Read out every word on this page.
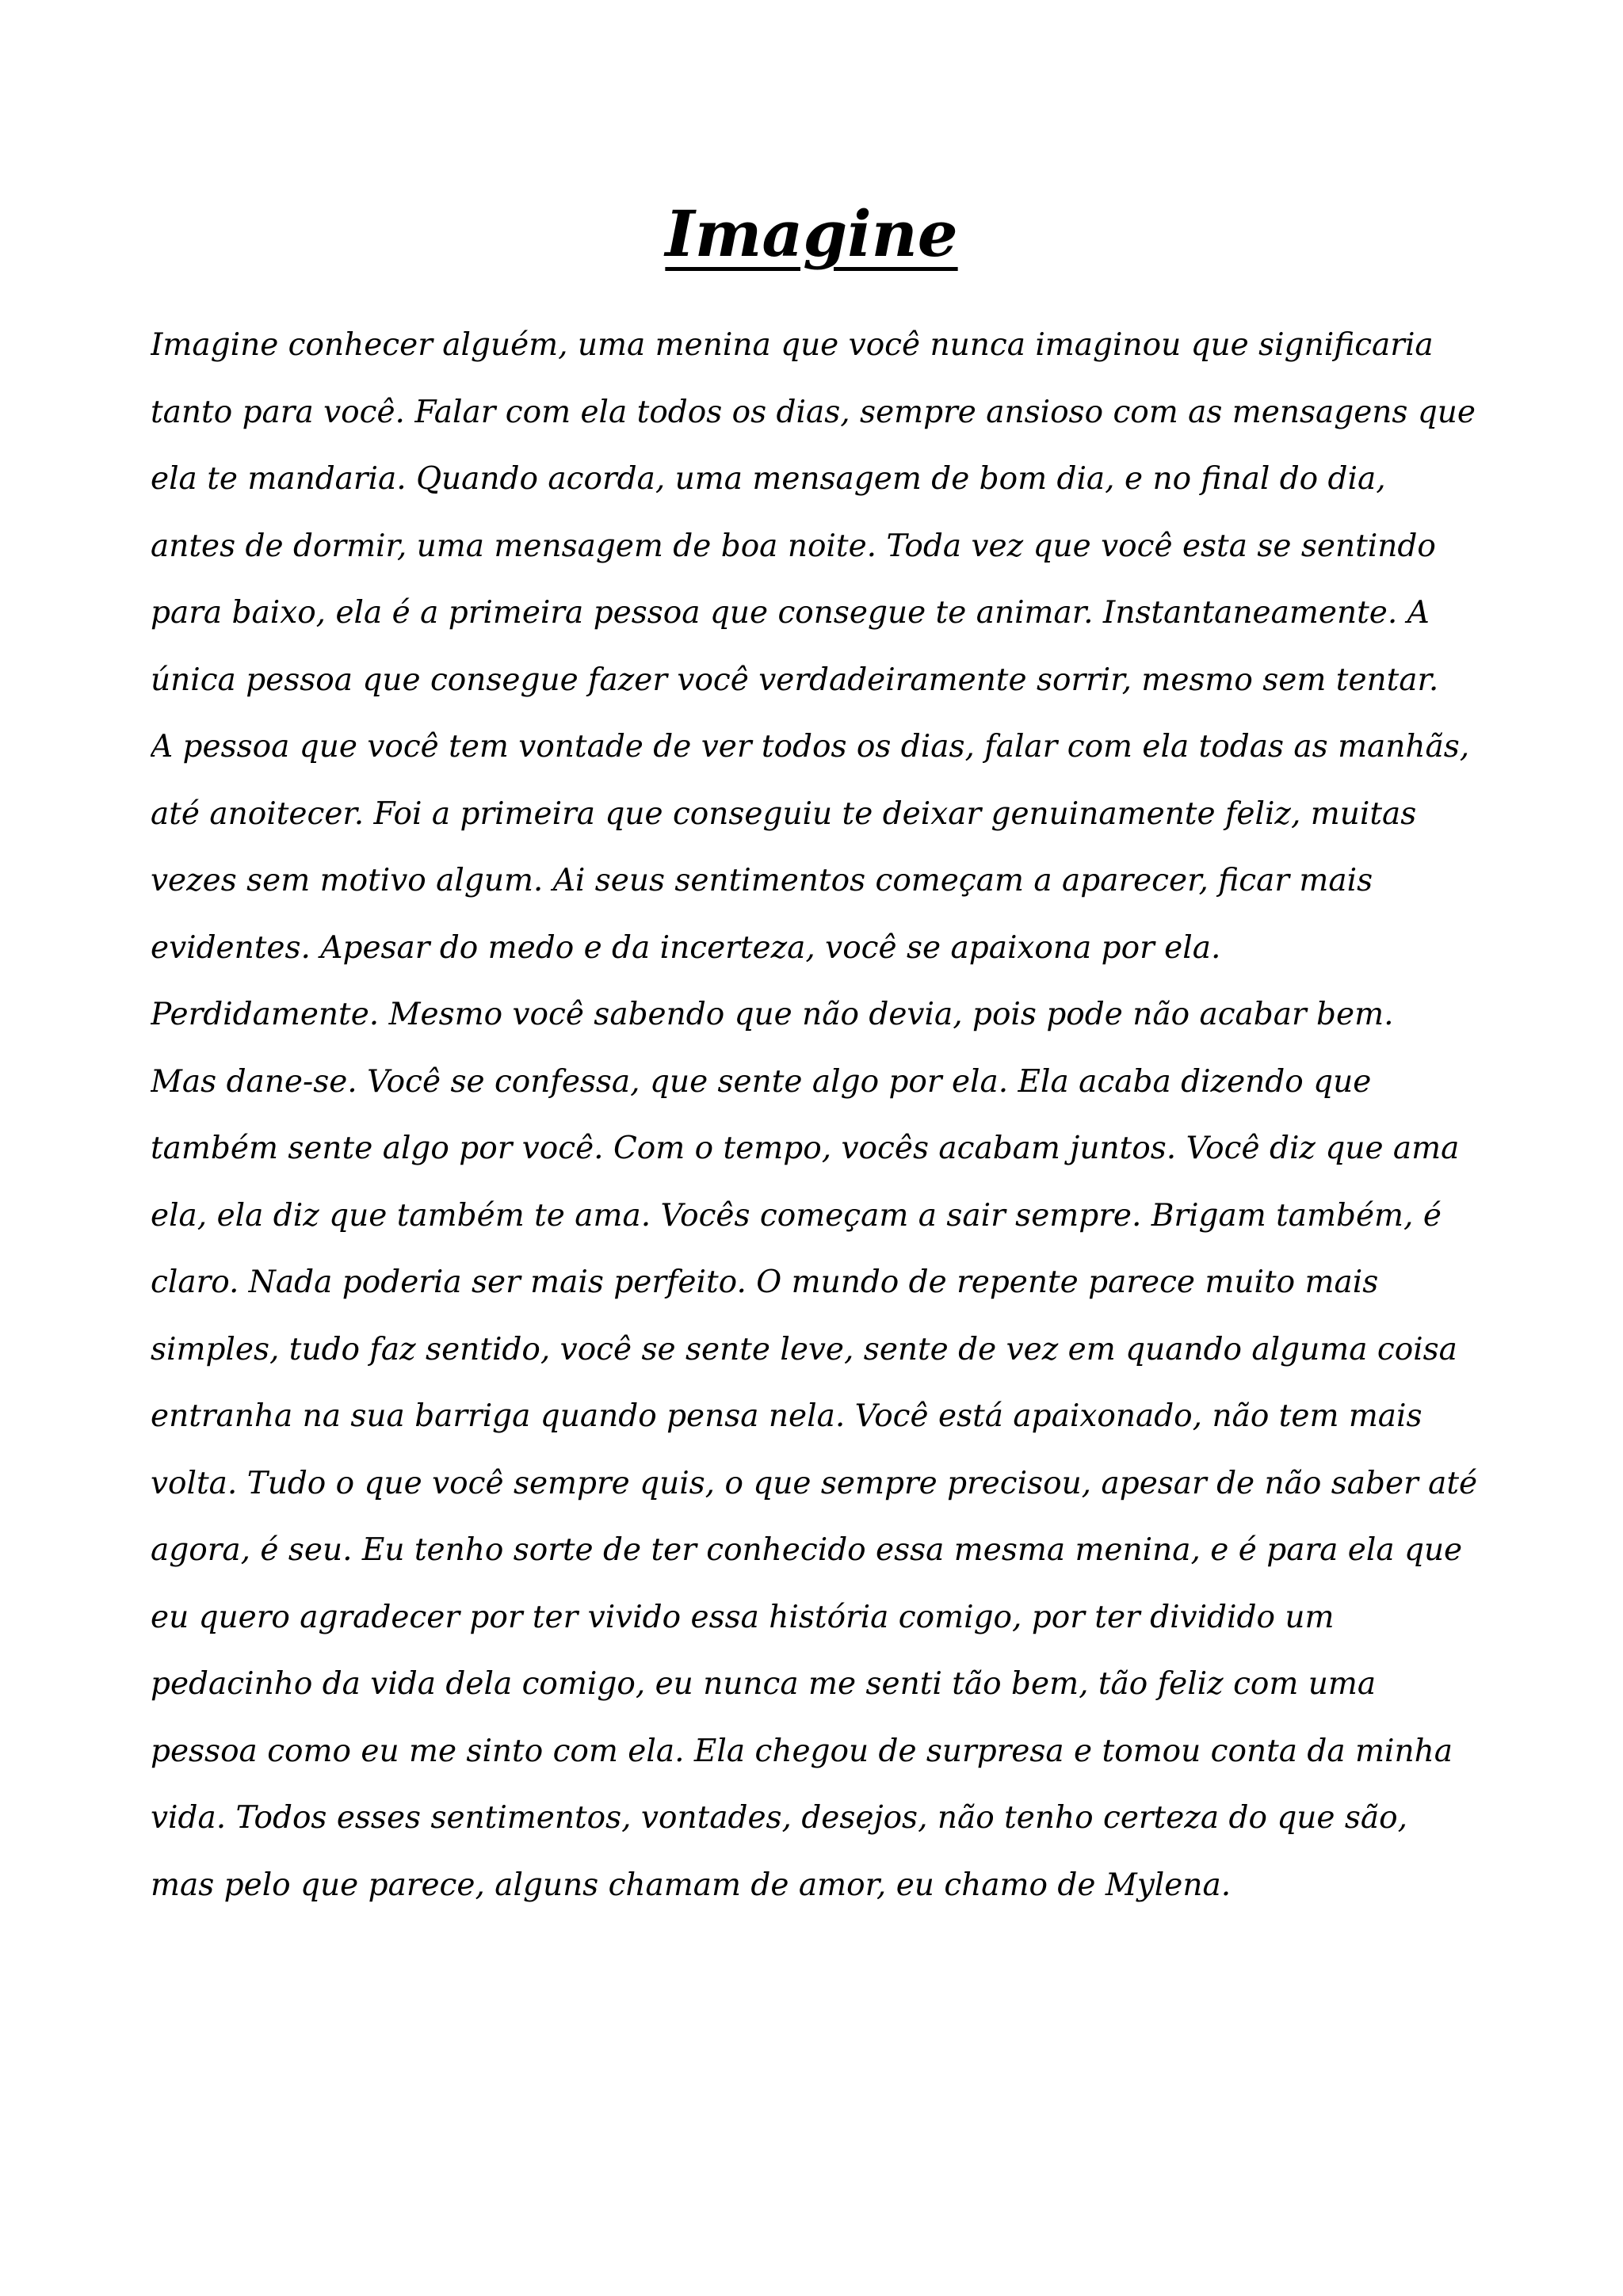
Imagine
Imagine conhecer alguém, uma menina que você nunca imaginou que significaria
tanto para você. Falar com ela todos os dias, sempre ansioso com as mensagens que
ela te mandaria. Quando acorda, uma mensagem de bom dia, e no final do dia,
antes de dormir, uma mensagem de boa noite. Toda vez que você esta se sentindo
para baixo, ela é a primeira pessoa que consegue te animar. Instantaneamente. A
única pessoa que consegue fazer você verdadeiramente sorrir, mesmo sem tentar.
A pessoa que você tem vontade de ver todos os dias, falar com ela todas as manhãs,
até anoitecer. Foi a primeira que conseguiu te deixar genuinamente feliz, muitas
vezes sem motivo algum. Ai seus sentimentos começam a aparecer, ficar mais
evidentes. Apesar do medo e da incerteza, você se apaixona por ela.
Perdidamente. Mesmo você sabendo que não devia, pois pode não acabar bem.
Mas dane-se. Você se confessa, que sente algo por ela. Ela acaba dizendo que
também sente algo por você. Com o tempo, vocês acabam juntos. Você diz que ama
ela, ela diz que também te ama. Vocês começam a sair sempre. Brigam também, é
claro. Nada poderia ser mais perfeito. O mundo de repente parece muito mais
simples, tudo faz sentido, você se sente leve, sente de vez em quando alguma coisa
entranha na sua barriga quando pensa nela. Você está apaixonado, não tem mais
volta. Tudo o que você sempre quis, o que sempre precisou, apesar de não saber até
agora, é seu. Eu tenho sorte de ter conhecido essa mesma menina, e é para ela que
eu quero agradecer por ter vivido essa história comigo, por ter dividido um
pedacinho da vida dela comigo, eu nunca me senti tão bem, tão feliz com uma
pessoa como eu me sinto com ela. Ela chegou de surpresa e tomou conta da minha
vida. Todos esses sentimentos, vontades, desejos, não tenho certeza do que são,
mas pelo que parece, alguns chamam de amor, eu chamo de Mylena.
